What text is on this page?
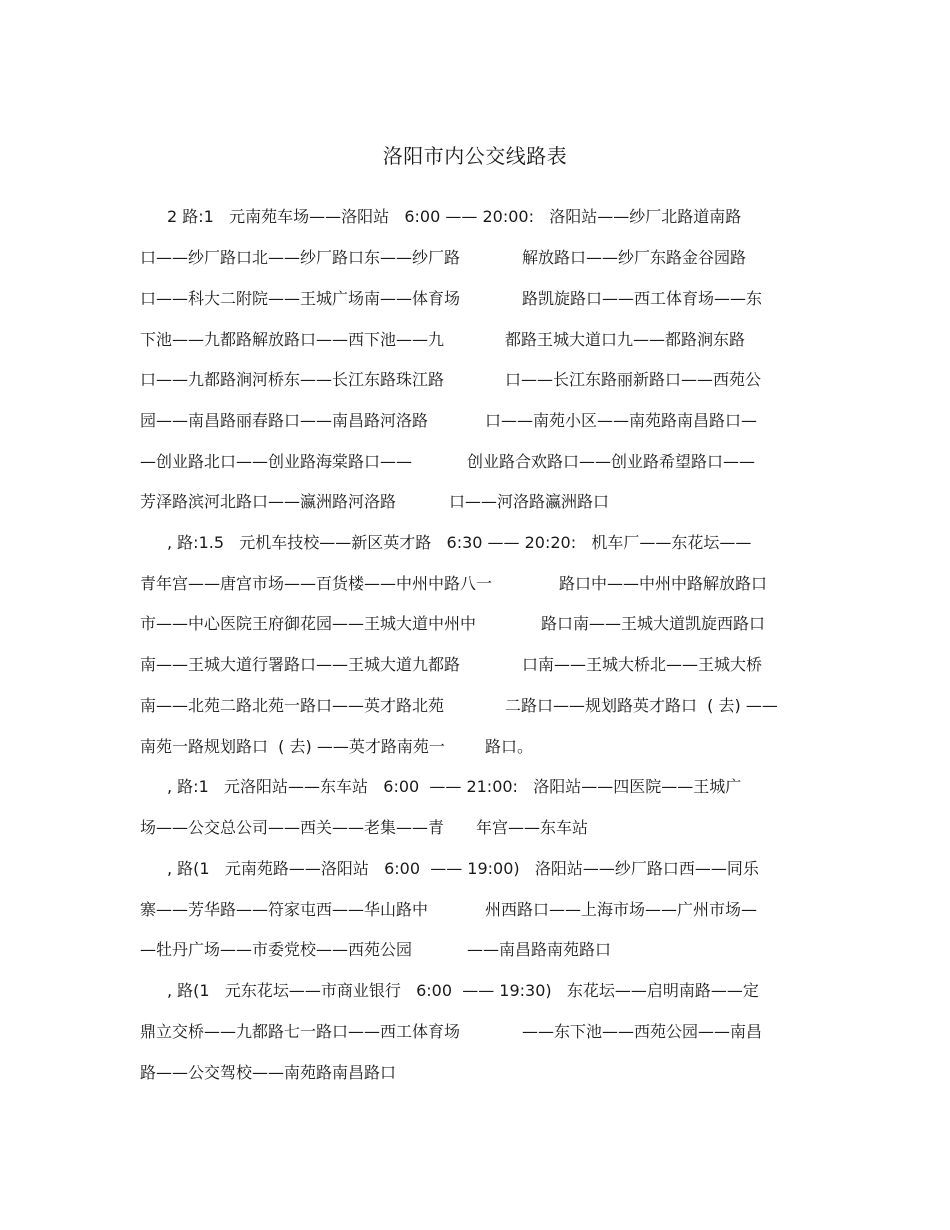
洛阳市内公交线路表
2 路:1   元南苑车场——洛阳站   6:00 —— 20:00:   洛阳站——纱厂北路道南路
口——纱厂路口北——纱厂路口东——纱厂路	解放路口——纱厂东路金谷园路
口——科大二附院——王城广场南——体育场	路凯旋路口——西工体育场——东
下池——九都路解放路口——西下池——九	都路王城大道口九——都路涧东路
口——九都路涧河桥东——长江东路珠江路	口——长江东路丽新路口——西苑公
园——南昌路丽春路口——南昌路河洛路	口——南苑小区——南苑路南昌路口—
—创业路北口——创业路海棠路口——	创业路合欢路口——创业路希望路口——
芳泽路滨河北路口——瀛洲路河洛路	口——河洛路瀛洲路口
, 路:1.5   元机车技校——新区英才路   6:30 —— 20:20:   机车厂——东花坛——
青年宫——唐宫市场——百货楼——中州中路八一	路口中——中州中路解放路口
市——中心医院王府御花园——王城大道中州中	路口南——王城大道凯旋西路口
南——王城大道行署路口——王城大道九都路	口南——王城大桥北——王城大桥
南——北苑二路北苑一路口——英才路北苑	二路口——规划路英才路口  ( 去) ——
南苑一路规划路口  ( 去) ——英才路南苑一	路口。
, 路:1   元洛阳站——东车站   6:00  —— 21:00:   洛阳站——四医院——王城广
场——公交总公司——西关——老集——青 年宫——东车站
, 路(1   元南苑路——洛阳站   6:00  —— 19:00)   洛阳站——纱厂路口西——同乐
寨——芳华路——符家屯西——华山路中	州西路口——上海市场——广州市场—
—牡丹广场——市委党校——西苑公园	——南昌路南苑路口
, 路(1   元东花坛——市商业银行   6:00  —— 19:30)   东花坛——启明南路——定
鼎立交桥——九都路七一路口——西工体育场	——东下池——西苑公园——南昌
路——公交驾校——南苑路南昌路口
